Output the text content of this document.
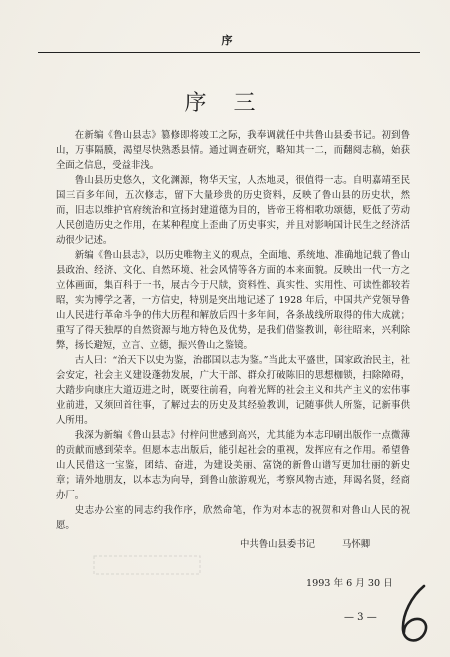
序
序 三

在新编《鲁山县志》篡修即将竣工之际，我奉调就任中共鲁山县委书记。初到鲁山，万事隔膜，渴望尽快熟悉县情。通过调查研究，略知其一二，而翻阅志稿，始获全面之信息，受益非浅。

鲁山县历史悠久，文化渊源，物华天宝，人杰地灵，很值得一志。自明嘉靖至民国三百多年间，五次修志，留下大量珍贵的历史资料，反映了鲁山县的历史状，然而，旧志以维护官府统治和宣扬封建道德为目的，皆帝王将相歌功颂德，贬低了劳动人民创造历史之作用，在某种程度上歪曲了历史事实，并且对影响国计民生之经济活动很少记述。

新编《鲁山县志》，以历史唯物主义的观点，全面地、系统地、准确地记载了鲁山县政治、经济、文化、自然环境、社会风情等各方面的本来面貌。反映出一代一方之立体画面，集百科于一书，展古今于尺牍，资料性、真实性、实用性、可读性都较若昭，实为博学之著，一方信史，特别是突出地记述了 1928 年后，中国共产党领导鲁山人民进行革命斗争的伟大历程和解放后四十多年间，各条战线所取得的伟大成就；重写了得天独厚的自然资源与地方特色及优势，是我们借鉴教训，彰往昭来，兴利除弊，扬长避短，立言、立德，振兴鲁山之鉴镜。

古人曰：“治天下以史为鉴，治郡国以志为鉴。”当此太平盛世，国家政治民主，社会安定，社会主义建设蓬勃发展，广大干部、群众打破陈旧的思想枷锁，扫除障碍，大踏步向康庄大道迈进之时，既要往前看，向着光辉的社会主义和共产主义的宏伟事业前进，又须回首往事，了解过去的历史及其经验教训，记随事供人所鉴，记新事供人所用。

我深为新编《鲁山县志》付梓问世感到高兴，尤其能为本志印刷出版作一点微薄的贡献而感到荣幸。但愿本志出版后，能引起社会的重视，发挥应有之作用。希望鲁山人民借这一宝鉴，团结、奋进，为建设美丽、富饶的新鲁山谱写更加壮丽的新史章；请外地朋友，以本志为向导，到鲁山旅游观光，考察风物古迹，拜谒名贤，经商办厂。

史志办公室的同志约我作序，欣然命笔，作为对本志的祝贺和对鲁山人民的祝愿。

中共鲁山县委书记	马怀卿
1993 年 6 月 30 日
— 3 —
